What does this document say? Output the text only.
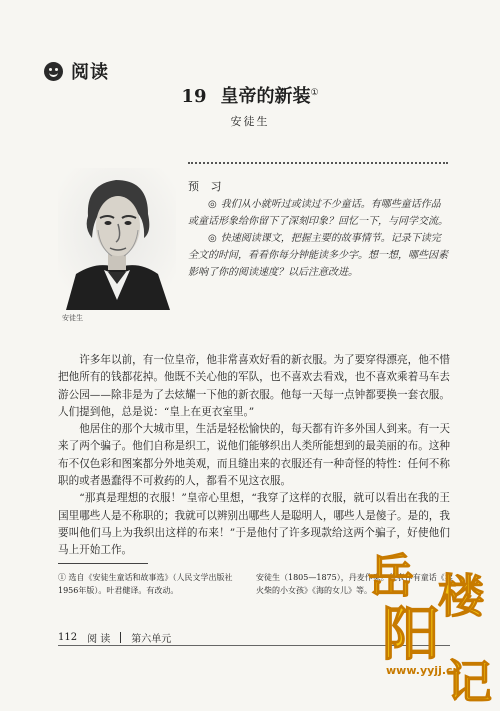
阅读
19 皇帝的新装①
安徒生
安徒生
预 习

◎ 我们从小就听过或读过不少童话。有哪些童话作品或童话形象给你留下了深刻印象？回忆一下，与同学交流。

◎ 快速阅读课文，把握主要的故事情节。记录下读完全文的时间，看看你每分钟能读多少字。想一想，哪些因素影响了你的阅读速度？以后注意改进。

许多年以前，有一位皇帝，他非常喜欢好看的新衣服。为了要穿得漂亮，他不惜把他所有的钱都花掉。他既不关心他的军队，也不喜欢去看戏，也不喜欢乘着马车去游公园——除非是为了去炫耀一下他的新衣服。他每一天每一点钟都要换一套衣服。人们提到他，总是说：“皇上在更衣室里。”

他居住的那个大城市里，生活是轻松愉快的，每天都有许多外国人到来。有一天来了两个骗子。他们自称是织工，说他们能够织出人类所能想到的最美丽的布。这种布不仅色彩和图案都分外地美观，而且缝出来的衣服还有一种奇怪的特性：任何不称职的或者愚蠢得不可救药的人，都看不见这衣服。

“那真是理想的衣服！”皇帝心里想，“我穿了这样的衣服，就可以看出在我的王国里哪些人是不称职的；我就可以辨别出哪些人是聪明人，哪些人是傻子。是的，我要叫他们马上为我织出这样的布来！”于是他付了许多现款给这两个骗子，好使他们马上开始工作。

① 选自《安徒生童话和故事选》（人民文学出版社1956年版）。叶君健译。有改动。
安徒生（1805—1875），丹麦作家。代表作有童话《卖火柴的小女孩》《海的女儿》等。
112 阅 读 第六单元
岳
阳
楼
记
www.yyjj.cn
